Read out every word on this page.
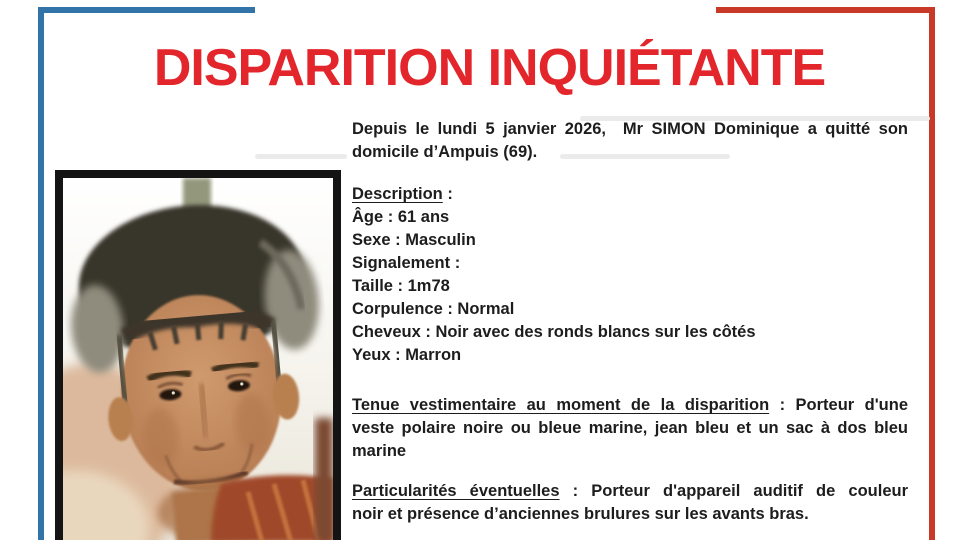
DISPARITION INQUIÉTANTE
Depuis le lundi 5 janvier 2026,  Mr SIMON Dominique a quitté son
domicile d’Ampuis (69).
Description :
Âge : 61 ans
Sexe : Masculin
Signalement :
Taille : 1m78
Corpulence : Normal
Cheveux : Noir avec des ronds blancs sur les côtés
Yeux : Marron
Tenue vestimentaire au moment de la disparition : Porteur d'une
veste polaire noire ou bleue marine, jean bleu et un sac à dos bleu
marine
Particularités éventuelles : Porteur d'appareil auditif de couleur
noir et présence d’anciennes brulures sur les avants bras.
